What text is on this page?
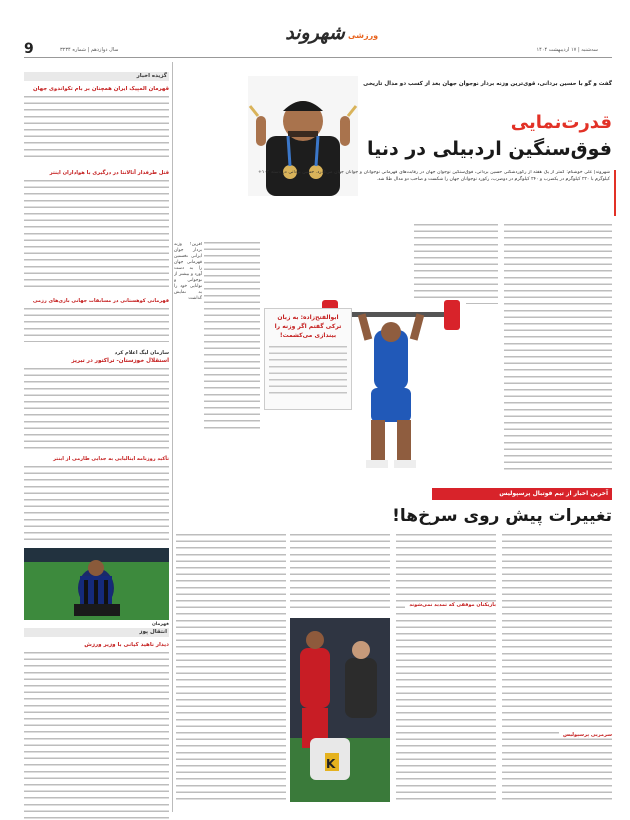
سه‌شنبه | ۱۷ اردیبهشت ۱۴۰۴
سال دوازدهم | شماره ۳۲۳۴
9
شهروند ورزشی
گزیده اخبار
قهرمان المپیک ایران همچنان بر بام تکواندوی جهان
قتل طرفدار آتالانتا در درگیری با هواداران اینتر
قهرمانی کوهستانی در مسابقات جهانی بازی‌های رزمی
سازمان لیگ اعلام کرد
استقلال خوزستان- تراکتور در تبریز
تأکید روزنامه ایتالیایی به جدایی طارمی از اینتر
قهرمان
انتقال پوز
دیدار ناهید کیانی با وزیر ورزش
گفت و گو با حسین بردانی، قوی‌ترین وزنه بردار نوجوان جهان بعد از کسب دو مدال تاریخی
قدرت‌نمایی
فوق‌سنگین اردبیلی در دنیا
شهروند| علی خوشنام: کمتر از یک هفته از رکوردشکنی حسین بردانی، فوق‌سنگین نوجوان جهان در رقابت‌های قهرمانی نوجوانان و جوانان جهان می‌گذرد. حسین بردانی در دسته ۱۰۲+ کیلوگرم با ۲۲۰ کیلوگرم در یکضرب و ۲۴۰ کیلوگرم در دوضرب، رکورد نوجوانان جهان را شکست و صاحب دو مدال طلا شد.
ابوالفتح‌زاده: به زبان ترکی گفتم اگر وزنه را بیندازی می‌کشمت!
آفرین! وزنه بردار جوان ایرانی نخستین قهرمانی جهان را به دست آورد و بیشتر از نوجوانی و توانایی خود را به نمایش گذاشت
آخرین اخبار از تیم فوتبال پرسپولیس
تغییرات پیش روی سرخ‌ها!
سرمربی پرسپولیس
بازیکنان موفقی که تمدید نمی‌شوند
K
